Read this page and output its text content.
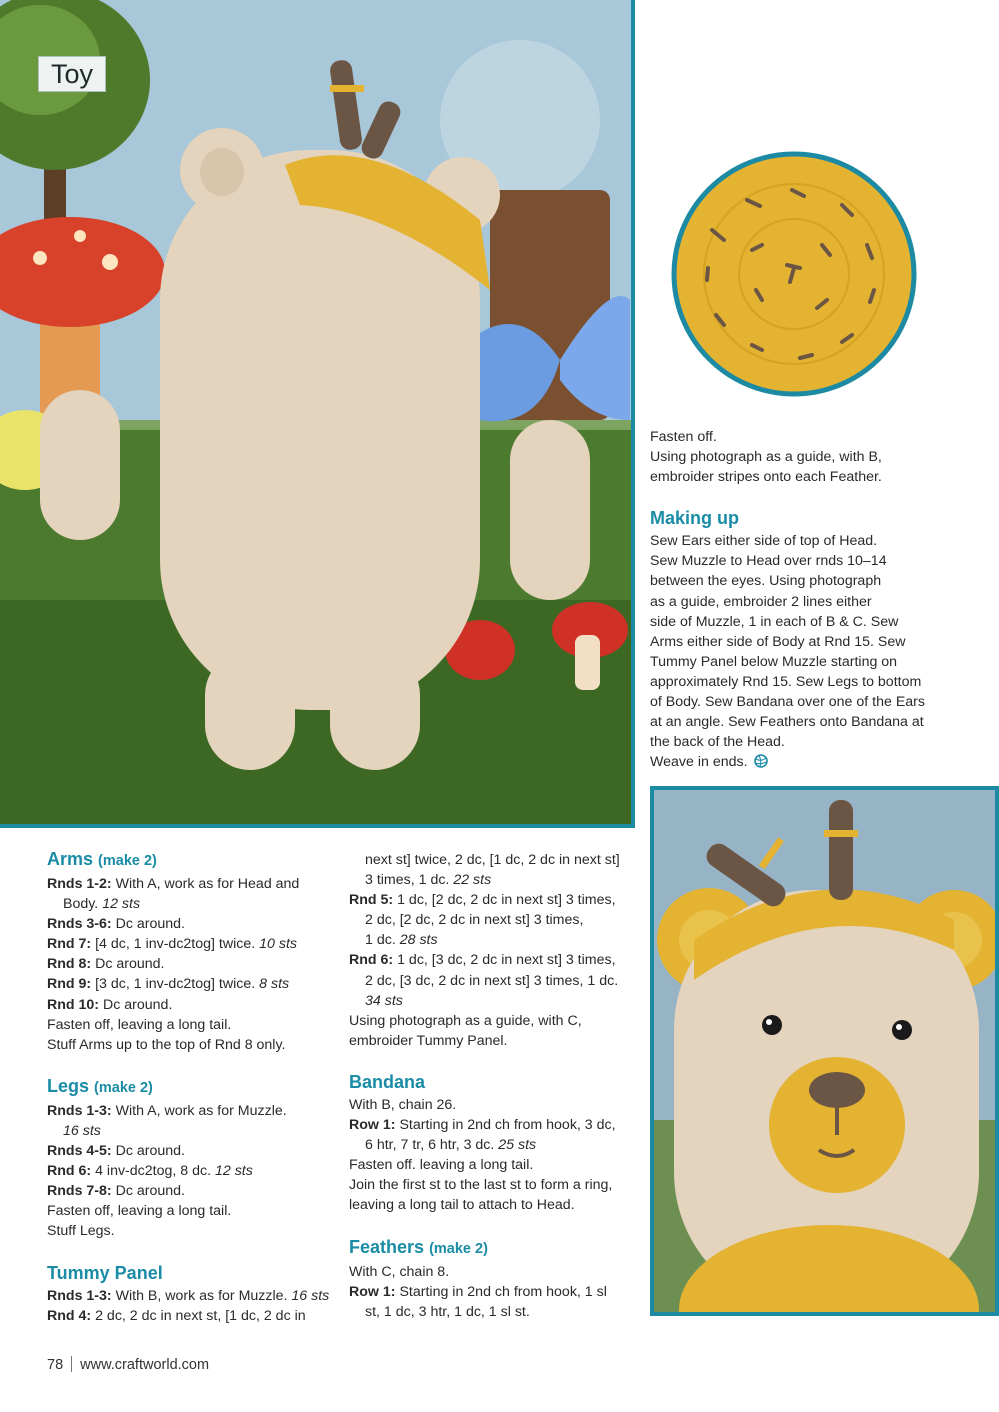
Toy

Fasten off.

Using photograph as a guide, with B,

embroider stripes onto each Feather.

Making up

Sew Ears either side of top of Head.

Sew Muzzle to Head over rnds 10–14

between the eyes. Using photograph

as a guide, embroider 2 lines either

side of Muzzle, 1 in each of B & C. Sew

Arms either side of Body at Rnd 15. Sew

Tummy Panel below Muzzle starting on

approximately Rnd 15. Sew Legs to bottom

of Body. Sew Bandana over one of the Ears

at an angle. Sew Feathers onto Bandana at

the back of the Head.

Weave in ends.

Arms (make 2)

Rnds 1-2: With A, work as for Head and

Body. 12 sts

Rnds 3-6: Dc around.

Rnd 7: [4 dc, 1 inv-dc2tog] twice. 10 sts

Rnd 8: Dc around.

Rnd 9: [3 dc, 1 inv-dc2tog] twice. 8 sts

Rnd 10: Dc around.

Fasten off, leaving a long tail.

Stuff Arms up to the top of Rnd 8 only.

Legs (make 2)

Rnds 1-3: With A, work as for Muzzle.

16 sts

Rnds 4-5: Dc around.

Rnd 6: 4 inv-dc2tog, 8 dc. 12 sts

Rnds 7-8: Dc around.

Fasten off, leaving a long tail.

Stuff Legs.

Tummy Panel

Rnds 1-3: With B, work as for Muzzle. 16 sts

Rnd 4: 2 dc, 2 dc in next st, [1 dc, 2 dc in

next st] twice, 2 dc, [1 dc, 2 dc in next st]

3 times, 1 dc. 22 sts

Rnd 5: 1 dc, [2 dc, 2 dc in next st] 3 times,

2 dc, [2 dc, 2 dc in next st] 3 times,

1 dc. 28 sts

Rnd 6: 1 dc, [3 dc, 2 dc in next st] 3 times,

2 dc, [3 dc, 2 dc in next st] 3 times, 1 dc.

34 sts

Using photograph as a guide, with C,

embroider Tummy Panel.

Bandana

With B, chain 26.

Row 1: Starting in 2nd ch from hook, 3 dc,

6 htr, 7 tr, 6 htr, 3 dc. 25 sts

Fasten off. leaving a long tail.

Join the first st to the last st to form a ring,

leaving a long tail to attach to Head.

Feathers (make 2)

With C, chain 8.

Row 1: Starting in 2nd ch from hook, 1 sl

st, 1 dc, 3 htr, 1 dc, 1 sl st.

78 www.craftworld.com
